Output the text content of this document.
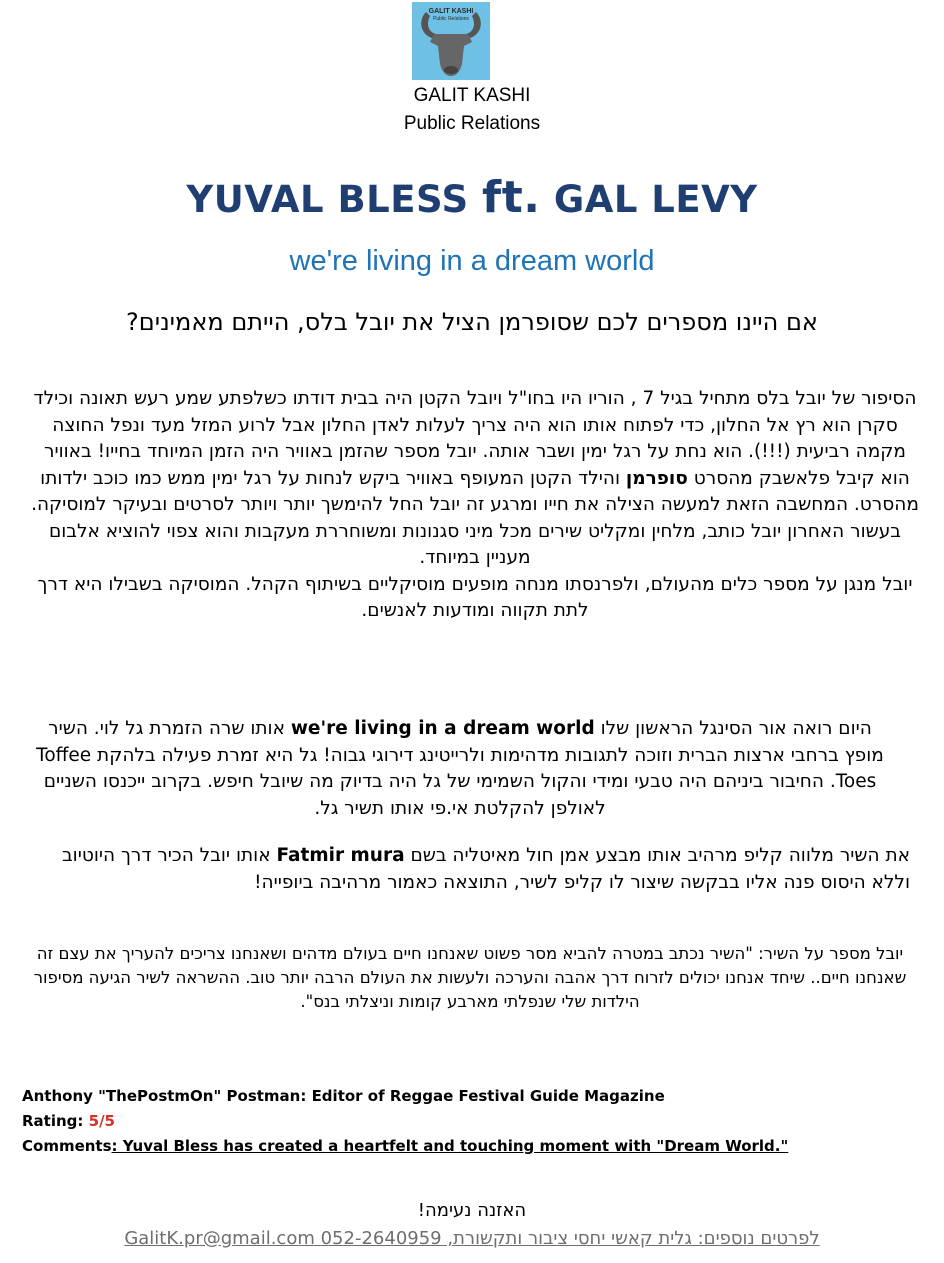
GALIT KASHI
Public Relations
GALIT KASHI
Public Relations
YUVAL BLESS ft. GAL LEVY
we're living in a dream world
אם היינו מספרים לכם שסופרמן הציל את יובל בלס, הייתם מאמינים?
הסיפור של יובל בלס מתחיל בגיל 7 , הוריו היו בחו"ל ויובל הקטן היה בבית דודתו כשלפתע שמע רעש תאונה וכילד סקרן הוא רץ אל החלון, כדי לפתוח אותו הוא היה צריך לעלות לאדן החלון אבל לרוע המזל מעד ונפל החוצה מקמה רביעית (!!!). הוא נחת על רגל ימין ושבר אותה. יובל מספר שהזמן באוויר היה הזמן המיוחד בחייו! באוויר הוא קיבל פלאשבק מהסרט סופרמן והילד הקטן המעופף באוויר ביקש לנחות על רגל ימין ממש כמו כוכב ילדותו מהסרט. המחשבה הזאת למעשה הצילה את חייו ומרגע זה יובל החל להימשך יותר ויותר לסרטים ובעיקר למוסיקה.
בעשור האחרון יובל כותב, מלחין ומקליט שירים מכל מיני סגנונות ומשוחררת מעקבות והוא צפוי להוציא אלבום מעניין במיוחד.
יובל מנגן על מספר כלים מהעולם, ולפרנסתו מנחה מופעים מוסיקליים בשיתוף הקהל. המוסיקה בשבילו היא דרך לתת תקווה ומודעות לאנשים.
היום רואה אור הסינגל הראשון שלו we're living in a dream world אותו שרה הזמרת גל לוי. השיר מופץ ברחבי ארצות הברית וזוכה לתגובות מדהימות ולרייטינג דירוגי גבוה! גל היא זמרת פעילה בלהקת Toffee Toes. החיבור ביניהם היה טבעי ומידי והקול השמימי של גל היה בדיוק מה שיובל חיפש. בקרוב ייכנסו השניים לאולפן להקלטת אי.פי אותו תשיר גל.
את השיר מלווה קליפ מרהיב אותו מבצע אמן חול מאיטליה בשם Fatmir mura אותו יובל הכיר דרך היוטיוב וללא היסוס פנה אליו בבקשה שיצור לו קליפ לשיר, התוצאה כאמור מרהיבה ביופייה!
יובל מספר על השיר: "השיר נכתב במטרה להביא מסר פשוט שאנחנו חיים בעולם מדהים ושאנחנו צריכים להעריך את עצם זה שאנחנו חיים.. שיחד אנחנו יכולים לזרוח דרך אהבה והערכה ולעשות את העולם הרבה יותר טוב. ההשראה לשיר הגיעה מסיפור הילדות שלי שנפלתי מארבע קומות וניצלתי בנס".
Anthony "ThePostmOn" Postman: Editor of Reggae Festival Guide Magazine
Rating: 5/5
Comments: Yuval Bless has created a heartfelt and touching moment with "Dream World."
האזנה נעימה!
לפרטים נוספים: גלית קאשי יחסי ציבור ותקשורת, 052-2640959 GalitK.pr@gmail.com
